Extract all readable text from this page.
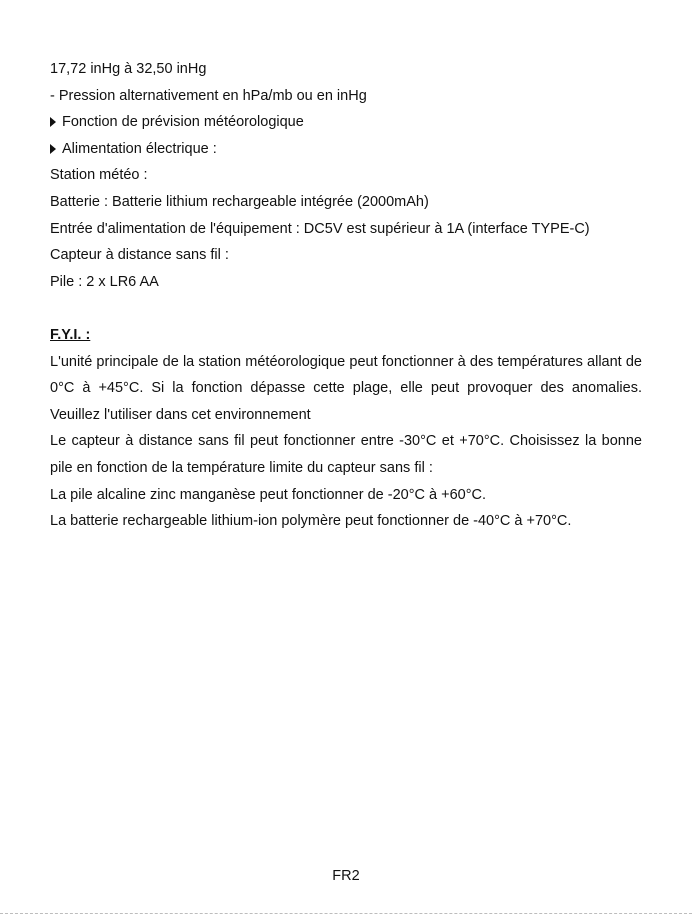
17,72 inHg à 32,50 inHg
- Pression alternativement en hPa/mb ou en inHg
Fonction de prévision météorologique
Alimentation électrique :
Station météo :
Batterie : Batterie lithium rechargeable intégrée (2000mAh)
Entrée d'alimentation de l'équipement : DC5V est supérieur à 1A (interface TYPE-C)
Capteur à distance sans fil :
Pile : 2 x LR6 AA
F.Y.I. :
L'unité principale de la station météorologique peut fonctionner à des températures allant de 0°C à +45°C. Si la fonction dépasse cette plage, elle peut provoquer des anomalies. Veuillez l'utiliser dans cet environnement
Le capteur à distance sans fil peut fonctionner entre -30°C et +70°C. Choisissez la bonne pile en fonction de la température limite du capteur sans fil :
La pile alcaline zinc manganèse peut fonctionner de -20°C à +60°C.
La batterie rechargeable lithium-ion polymère peut fonctionner de -40°C à +70°C.
FR2
